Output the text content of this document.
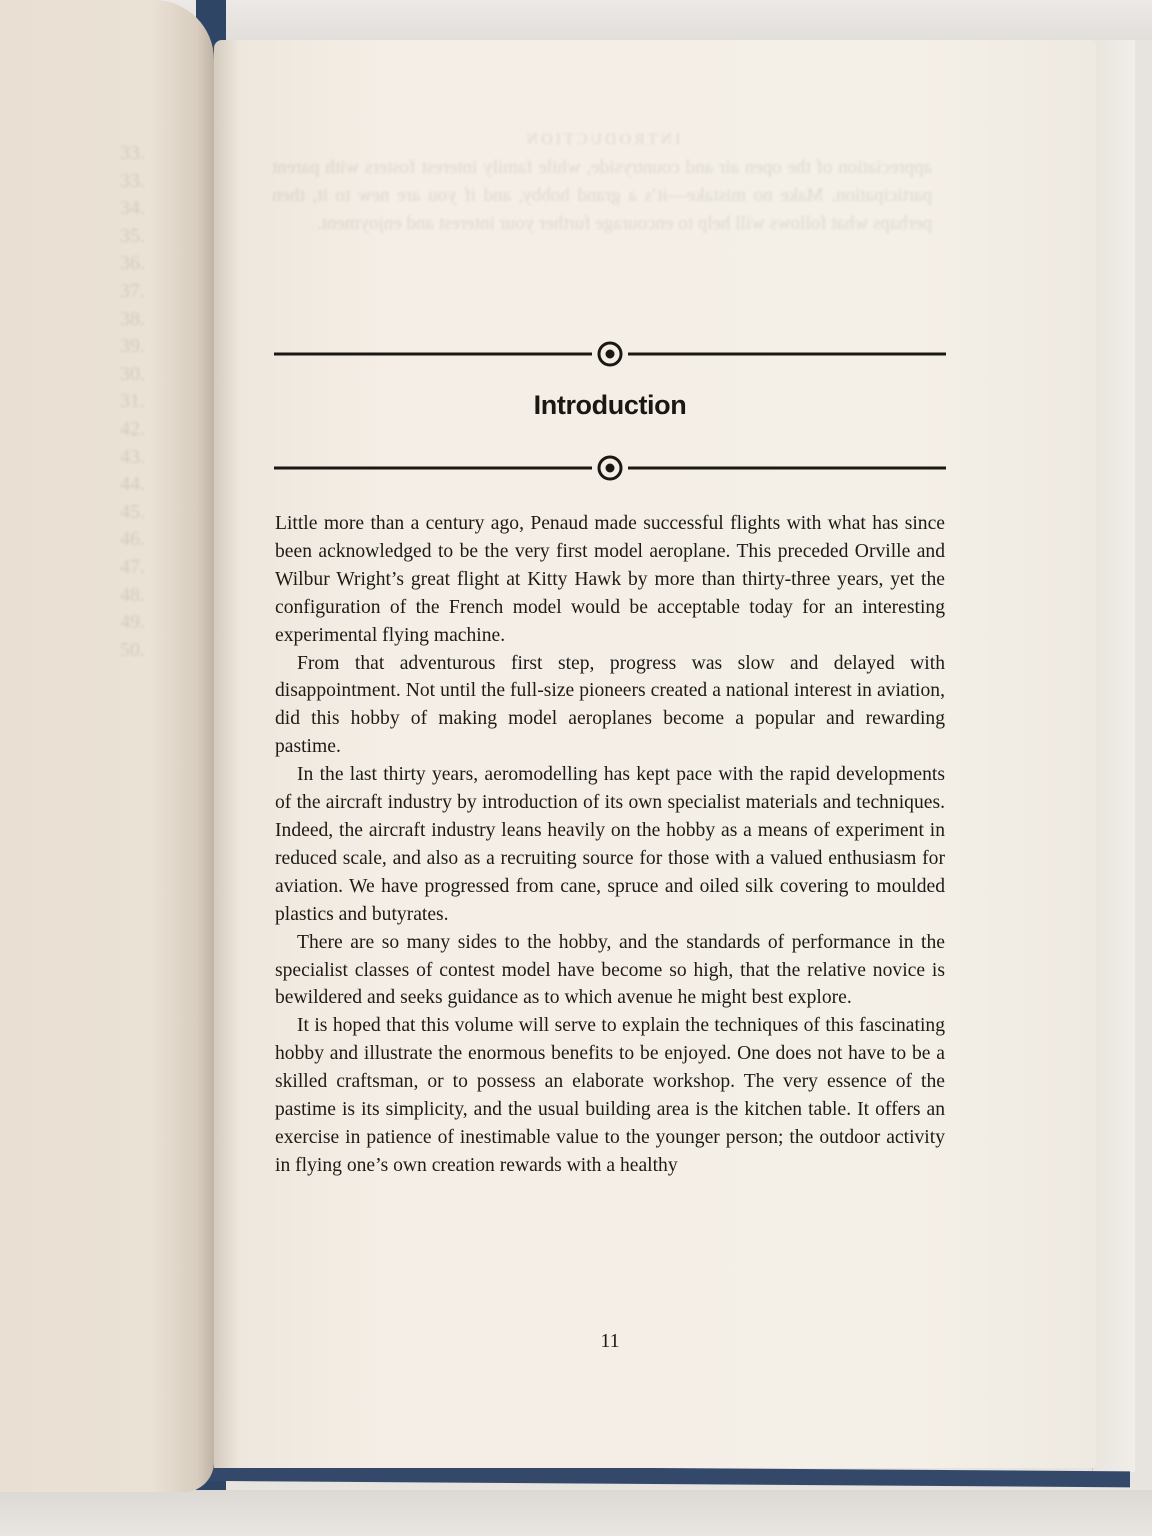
33.
33.
34.
35.
36.
37.
38.
39.
30.
31.
42.
43.
44.
45.
46.
47.
48.
49.
50.
INTRODUCTION
appreciation of the open air and countryside, while family interest fosters with parent participation. Make no mistake—it’s a grand hobby, and if you are new to it, then perhaps what follows will help to encourage further your interest and enjoyment.
Introduction

Little more than a century ago, Penaud made successful flights with what has since been acknowledged to be the very first model aeroplane. This preceded Orville and Wilbur Wright’s great flight at Kitty Hawk by more than thirty-three years, yet the configuration of the French model would be acceptable today for an interesting experimental flying machine.

From that adventurous first step, progress was slow and delayed with disappointment. Not until the full-size pioneers created a national interest in aviation, did this hobby of making model aeroplanes become a popular and rewarding pastime.

In the last thirty years, aeromodelling has kept pace with the rapid developments of the aircraft industry by introduction of its own specialist materials and techniques. Indeed, the aircraft industry leans heavily on the hobby as a means of experiment in reduced scale, and also as a recruiting source for those with a valued enthusiasm for aviation. We have progressed from cane, spruce and oiled silk covering to moulded plastics and butyrates.

There are so many sides to the hobby, and the standards of performance in the specialist classes of contest model have become so high, that the relative novice is bewildered and seeks guidance as to which avenue he might best explore.

It is hoped that this volume will serve to explain the techniques of this fascinating hobby and illustrate the enormous benefits to be enjoyed. One does not have to be a skilled craftsman, or to possess an elaborate workshop. The very essence of the pastime is its simplicity, and the usual building area is the kitchen table. It offers an exercise in patience of inestimable value to the younger person; the outdoor activity in flying one’s own creation rewards with a healthy

11
